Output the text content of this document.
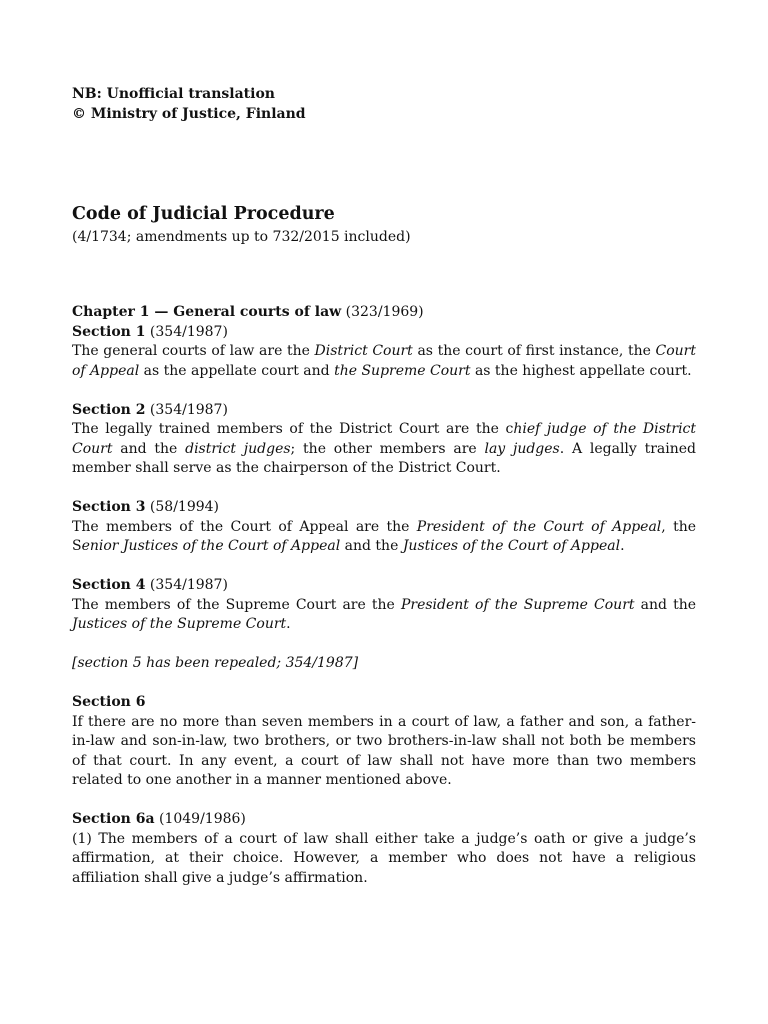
NB: Unofficial translation
© Ministry of Justice, Finland
Code of Judicial Procedure
(4/1734; amendments up to 732/2015 included)

Chapter 1 — General courts of law (323/1969)
Section 1 (354/1987)
The general courts of law are the District Court as the court of first instance, the Court of Appeal as the appellate court and the Supreme Court as the highest appellate court.

Section 2 (354/1987)
The legally trained members of the District Court are the chief judge of the District Court and the district judges; the other members are lay judges. A legally trained member shall serve as the chairperson of the District Court.

Section 3 (58/1994)
The members of the Court of Appeal are the President of the Court of Appeal, the Senior Justices of the Court of Appeal and the Justices of the Court of Appeal.

Section 4 (354/1987)
The members of the Supreme Court are the President of the Supreme Court and the Justices of the Supreme Court.

[section 5 has been repealed; 354/1987]

Section 6
If there are no more than seven members in a court of law, a father and son, a father-in-law and son-in-law, two brothers, or two brothers-in-law shall not both be members of that court. In any event, a court of law shall not have more than two members related to one another in a manner mentioned above.

Section 6a (1049/1986)
(1) The members of a court of law shall either take a judge’s oath or give a judge’s affirmation, at their choice. However, a member who does not have a religious affiliation shall give a judge’s affirmation.
